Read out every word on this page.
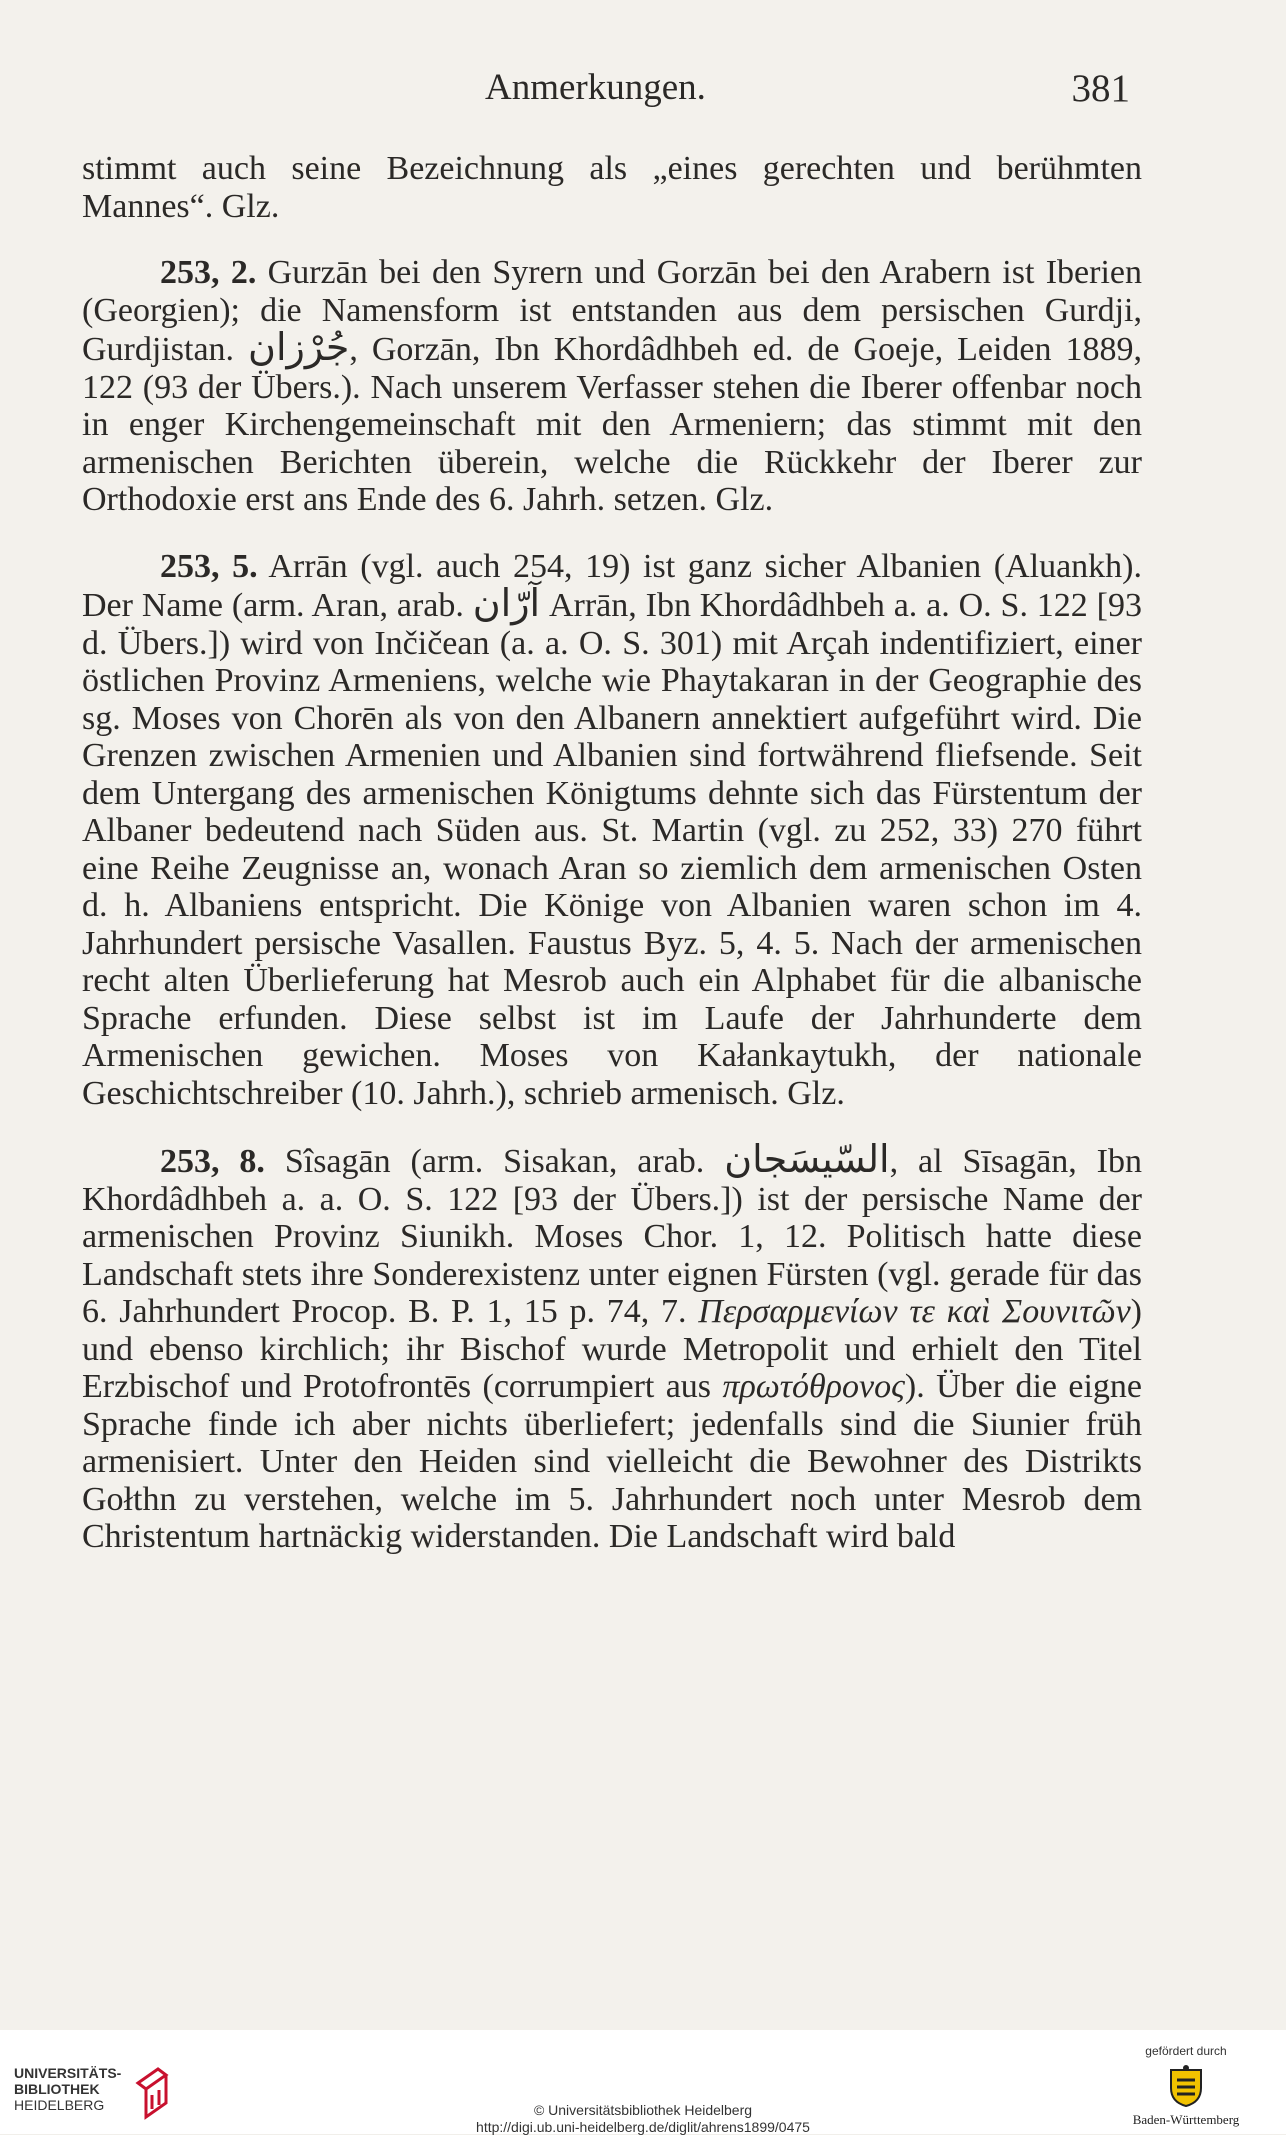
Anmerkungen.	381

stimmt auch seine Bezeichnung als „eines gerechten und berühmten Mannes“. Glz.

253, 2. Gurzān bei den Syrern und Gorzān bei den Arabern ist Iberien (Georgien); die Namensform ist entstanden aus dem persischen Gurdji, Gurdjistan. جُرْزان, Gorzān, Ibn Khordâdhbeh ed. de Goeje, Leiden 1889, 122 (93 der Übers.). Nach unserem Verfasser stehen die Iberer offenbar noch in enger Kirchengemeinschaft mit den Armeniern; das stimmt mit den armenischen Berichten überein, welche die Rückkehr der Iberer zur Orthodoxie erst ans Ende des 6. Jahrh. setzen. Glz.

253, 5. Arrān (vgl. auch 254, 19) ist ganz sicher Albanien (Aluankh). Der Name (arm. Aran, arab. آرّان Arrān, Ibn Khordâdhbeh a. a. O. S. 122 [93 d. Übers.]) wird von Inčičean (a. a. O. S. 301) mit Arçah indentifiziert, einer östlichen Provinz Armeniens, welche wie Phaytakaran in der Geographie des sg. Moses von Chorēn als von den Albanern annektiert aufgeführt wird. Die Grenzen zwischen Armenien und Albanien sind fortwährend fliefsende. Seit dem Untergang des armenischen Königtums dehnte sich das Fürstentum der Albaner bedeutend nach Süden aus. St. Martin (vgl. zu 252, 33) 270 führt eine Reihe Zeugnisse an, wonach Aran so ziemlich dem armenischen Osten d. h. Albaniens entspricht. Die Könige von Albanien waren schon im 4. Jahrhundert persische Vasallen. Faustus Byz. 5, 4. 5. Nach der armenischen recht alten Überlieferung hat Mesrob auch ein Alphabet für die albanische Sprache erfunden. Diese selbst ist im Laufe der Jahrhunderte dem Armenischen gewichen. Moses von Kałankaytukh, der nationale Geschichtschreiber (10. Jahrh.), schrieb armenisch. Glz.

253, 8. Sîsagān (arm. Sisakan, arab. السّيسَجان, al Sīsagān, Ibn Khordâdhbeh a. a. O. S. 122 [93 der Übers.]) ist der persische Name der armenischen Provinz Siunikh. Moses Chor. 1, 12. Politisch hatte diese Landschaft stets ihre Sonderexistenz unter eignen Fürsten (vgl. gerade für das 6. Jahrhundert Procop. B. P. 1, 15 p. 74, 7. Περσαρμενίων τε καὶ Σουνιτῶν) und ebenso kirchlich; ihr Bischof wurde Metropolit und erhielt den Titel Erzbischof und Protofrontēs (corrumpiert aus πρωτόθρονος). Über die eigne Sprache finde ich aber nichts überliefert; jedenfalls sind die Siunier früh armenisiert. Unter den Heiden sind vielleicht die Bewohner des Distrikts Gołthn zu verstehen, welche im 5. Jahrhundert noch unter Mesrob dem Christentum hartnäckig widerstanden. Die Landschaft wird bald

UNIVERSITÄTS-
BIBLIOTHEK
HEIDELBERG	© Universitätsbibliothek Heidelberg
http://digi.ub.uni-heidelberg.de/diglit/ahrens1899/0475
gefördert durch
Baden-Württemberg
